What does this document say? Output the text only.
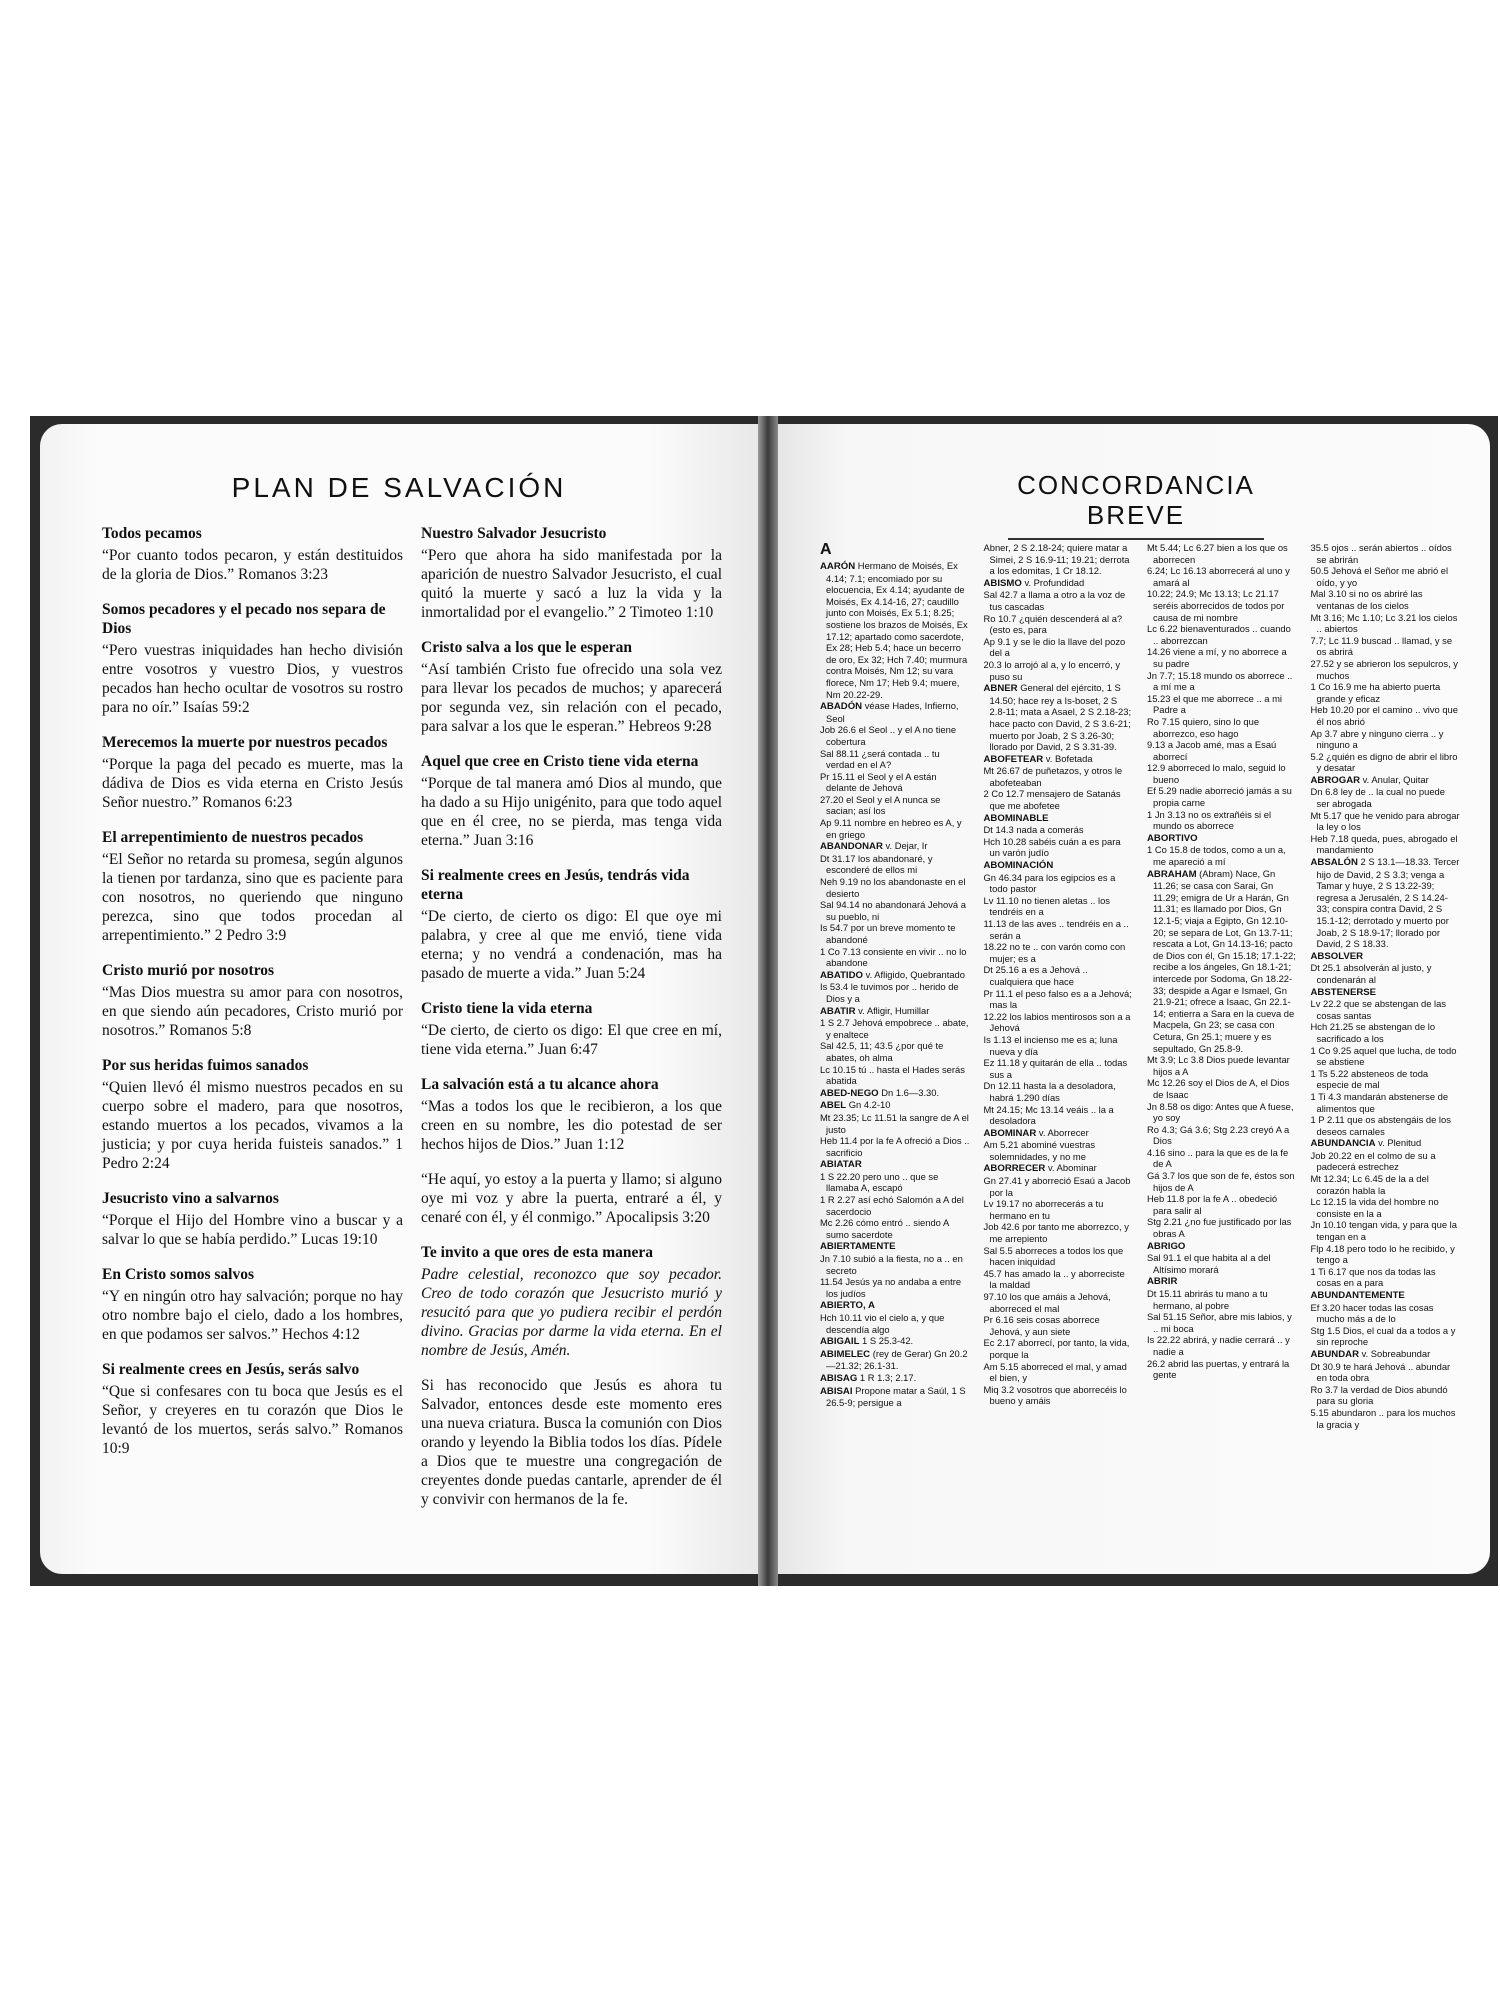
PLAN DE SALVACIÓN
Todos pecamos

“Por cuanto todos pecaron, y están destituidos de la gloria de Dios.” Romanos 3:23

Somos pecadores y el pecado nos separa de Dios

“Pero vuestras iniquidades han hecho división entre vosotros y vuestro Dios, y vuestros pecados han hecho ocultar de vosotros su rostro para no oír.” Isaías 59:2

Merecemos la muerte por nuestros pecados

“Porque la paga del pecado es muerte, mas la dádiva de Dios es vida eterna en Cristo Jesús Señor nuestro.” Romanos 6:23

El arrepentimiento de nuestros pecados

“El Señor no retarda su promesa, según algunos la tienen por tardanza, sino que es paciente para con nosotros, no queriendo que ninguno perezca, sino que todos procedan al arrepentimiento.” 2 Pedro 3:9

Cristo murió por nosotros

“Mas Dios muestra su amor para con nosotros, en que siendo aún pecadores, Cristo murió por nosotros.” Romanos 5:8

Por sus heridas fuimos sanados

“Quien llevó él mismo nuestros pecados en su cuerpo sobre el madero, para que nosotros, estando muertos a los pecados, vivamos a la justicia; y por cuya herida fuisteis sanados.” 1 Pedro 2:24

Jesucristo vino a salvarnos

“Porque el Hijo del Hombre vino a buscar y a salvar lo que se había perdido.” Lucas 19:10

En Cristo somos salvos

“Y en ningún otro hay salvación; porque no hay otro nombre bajo el cielo, dado a los hombres, en que podamos ser salvos.” Hechos 4:12

Si realmente crees en Jesús, serás salvo

“Que si confesares con tu boca que Jesús es el Señor, y creyeres en tu corazón que Dios le levantó de los muertos, serás salvo.” Romanos 10:9

Nuestro Salvador Jesucristo

“Pero que ahora ha sido manifestada por la aparición de nuestro Salvador Jesucristo, el cual quitó la muerte y sacó a luz la vida y la inmortalidad por el evangelio.” 2 Timoteo 1:10

Cristo salva a los que le esperan

“Así también Cristo fue ofrecido una sola vez para llevar los pecados de muchos; y aparecerá por segunda vez, sin relación con el pecado, para salvar a los que le esperan.” Hebreos 9:28

Aquel que cree en Cristo tiene vida eterna

“Porque de tal manera amó Dios al mundo, que ha dado a su Hijo unigénito, para que todo aquel que en él cree, no se pierda, mas tenga vida eterna.” Juan 3:16

Si realmente crees en Jesús, tendrás vida eterna

“De cierto, de cierto os digo: El que oye mi palabra, y cree al que me envió, tiene vida eterna; y no vendrá a condenación, mas ha pasado de muerte a vida.” Juan 5:24

Cristo tiene la vida eterna

“De cierto, de cierto os digo: El que cree en mí, tiene vida eterna.” Juan 6:47

La salvación está a tu alcance ahora

“Mas a todos los que le recibieron, a los que creen en su nombre, les dio potestad de ser hechos hijos de Dios.” Juan 1:12

“He aquí, yo estoy a la puerta y llamo; si alguno oye mi voz y abre la puerta, entraré a él, y cenaré con él, y él conmigo.” Apocalipsis 3:20

Te invito a que ores de esta manera

Padre celestial, reconozco que soy pecador. Creo de todo corazón que Jesucristo murió y resucitó para que yo pudiera recibir el perdón divino. Gracias por darme la vida eterna. En el nombre de Jesús, Amén.

Si has reconocido que Jesús es ahora tu Salvador, entonces desde este momento eres una nueva criatura. Busca la comunión con Dios orando y leyendo la Biblia todos los días. Pídele a Dios que te muestre una congregación de creyentes donde puedas cantarle, aprender de él y convivir con hermanos de la fe.

CONCORDANCIA
BREVE
A

AARÓN Hermano de Moisés, Ex 4.14; 7.1; encomiado por su elocuencia, Ex 4.14; ayudante de Moisés, Ex 4.14-16, 27; caudillo junto con Moisés, Ex 5.1; 8.25; sostiene los brazos de Moisés, Ex 17.12; apartado como sacerdote, Ex 28; Heb 5.4; hace un becerro de oro, Ex 32; Hch 7.40; murmura contra Moisés, Nm 12; su vara florece, Nm 17; Heb 9.4; muere, Nm 20.22-29.

ABADÓN véase Hades, Infierno, Seol

Job 26.6 el Seol .. y el A no tiene cobertura

Sal 88.11 ¿será contada .. tu verdad en el A?

Pr 15.11 el Seol y el A están delante de Jehová

27.20 el Seol y el A nunca se sacian; así los

Ap 9.11 nombre en hebreo es A, y en griego

ABANDONAR v. Dejar, Ir

Dt 31.17 los abandonaré, y esconderé de ellos mi

Neh 9.19 no los abandonaste en el desierto

Sal 94.14 no abandonará Jehová a su pueblo, ni

Is 54.7 por un breve momento te abandoné

1 Co 7.13 consiente en vivir .. no lo abandone

ABATIDO v. Afligido, Quebrantado

Is 53.4 le tuvimos por .. herido de Dios y a

ABATIR v. Afligir, Humillar

1 S 2.7 Jehová empobrece .. abate, y enaltece

Sal 42.5, 11; 43.5 ¿por qué te abates, oh alma

Lc 10.15 tú .. hasta el Hades serás abatida

ABED-NEGO Dn 1.6—3.30.

ABEL Gn 4.2-10

Mt 23.35; Lc 11.51 la sangre de A el justo

Heb 11.4 por la fe A ofreció a Dios .. sacrificio

ABIATAR

1 S 22.20 pero uno .. que se llamaba A, escapó

1 R 2.27 así echó Salomón a A del sacerdocio

Mc 2.26 cómo entró .. siendo A sumo sacerdote

ABIERTAMENTE

Jn 7.10 subió a la fiesta, no a .. en secreto

11.54 Jesús ya no andaba a entre los judíos

ABIERTO, A

Hch 10.11 vio el cielo a, y que descendía algo

ABIGAIL 1 S 25.3-42.

ABIMELEC (rey de Gerar) Gn 20.2—21.32; 26.1-31.

ABISAG 1 R 1.3; 2.17.

ABISAI Propone matar a Saúl, 1 S 26.5-9; persigue a

Abner, 2 S 2.18-24; quiere matar a Simei, 2 S 16.9-11; 19.21; derrota a los edomitas, 1 Cr 18.12.

ABISMO v. Profundidad

Sal 42.7 a llama a otro a la voz de tus cascadas

Ro 10.7 ¿quién descenderá al a? (esto es, para

Ap 9.1 y se le dio la llave del pozo del a

20.3 lo arrojó al a, y lo encerró, y puso su

ABNER General del ejército, 1 S 14.50; hace rey a Is-boset, 2 S 2.8-11; mata a Asael, 2 S 2.18-23; hace pacto con David, 2 S 3.6-21; muerto por Joab, 2 S 3.26-30; llorado por David, 2 S 3.31-39.

ABOFETEAR v. Bofetada

Mt 26.67 de puñetazos, y otros le abofeteaban

2 Co 12.7 mensajero de Satanás que me abofetee

ABOMINABLE

Dt 14.3 nada a comerás

Hch 10.28 sabéis cuán a es para un varón judío

ABOMINACIÓN

Gn 46.34 para los egipcios es a todo pastor

Lv 11.10 no tienen aletas .. los tendréis en a

11.13 de las aves .. tendréis en a .. serán a

18.22 no te .. con varón como con mujer; es a

Dt 25.16 a es a Jehová .. cualquiera que hace

Pr 11.1 el peso falso es a a Jehová; mas la

12.22 los labios mentirosos son a a Jehová

Is 1.13 el incienso me es a; luna nueva y día

Ez 11.18 y quitarán de ella .. todas sus a

Dn 12.11 hasta la a desoladora, habrá 1.290 días

Mt 24.15; Mc 13.14 veáis .. la a desoladora

ABOMINAR v. Aborrecer

Am 5.21 abominé vuestras solemnidades, y no me

ABORRECER v. Abominar

Gn 27.41 y aborreció Esaú a Jacob por la

Lv 19.17 no aborrecerás a tu hermano en tu

Job 42.6 por tanto me aborrezco, y me arrepiento

Sal 5.5 aborreces a todos los que hacen iniquidad

45.7 has amado la .. y aborreciste la maldad

97.10 los que amáis a Jehová, aborreced el mal

Pr 6.16 seis cosas aborrece Jehová, y aun siete

Ec 2.17 aborrecí, por tanto, la vida, porque la

Am 5.15 aborreced el mal, y amad el bien, y

Miq 3.2 vosotros que aborrecéis lo bueno y amáis

Mt 5.44; Lc 6.27 bien a los que os aborrecen

6.24; Lc 16.13 aborrecerá al uno y amará al

10.22; 24.9; Mc 13.13; Lc 21.17 seréis aborrecidos de todos por causa de mi nombre

Lc 6.22 bienaventurados .. cuando .. aborrezcan

14.26 viene a mí, y no aborrece a su padre

Jn 7.7; 15.18 mundo os aborrece .. a mí me a

15.23 el que me aborrece .. a mi Padre a

Ro 7.15 quiero, sino lo que aborrezco, eso hago

9.13 a Jacob amé, mas a Esaú aborrecí

12.9 aborreced lo malo, seguid lo bueno

Ef 5.29 nadie aborreció jamás a su propia carne

1 Jn 3.13 no os extrañéis si el mundo os aborrece

ABORTIVO

1 Co 15.8 de todos, como a un a, me apareció a mí

ABRAHAM (Abram) Nace, Gn 11.26; se casa con Sarai, Gn 11.29; emigra de Ur a Harán, Gn 11.31; es llamado por Dios, Gn 12.1-5; viaja a Egipto, Gn 12.10-20; se separa de Lot, Gn 13.7-11; rescata a Lot, Gn 14.13-16; pacto de Dios con él, Gn 15.18; 17.1-22; recibe a los ángeles, Gn 18.1-21; intercede por Sodoma, Gn 18.22-33; despide a Agar e Ismael, Gn 21.9-21; ofrece a Isaac, Gn 22.1-14; entierra a Sara en la cueva de Macpela, Gn 23; se casa con Cetura, Gn 25.1; muere y es sepultado, Gn 25.8-9.

Mt 3.9; Lc 3.8 Dios puede levantar hijos a A

Mc 12.26 soy el Dios de A, el Dios de Isaac

Jn 8.58 os digo: Antes que A fuese, yo soy

Ro 4.3; Gá 3.6; Stg 2.23 creyó A a Dios

4.16 sino .. para la que es de la fe de A

Gá 3.7 los que son de fe, éstos son hijos de A

Heb 11.8 por la fe A .. obedeció para salir al

Stg 2.21 ¿no fue justificado por las obras A

ABRIGO

Sal 91.1 el que habita al a del Altísimo morará

ABRIR

Dt 15.11 abrirás tu mano a tu hermano, al pobre

Sal 51.15 Señor, abre mis labios, y .. mi boca

Is 22.22 abrirá, y nadie cerrará .. y nadie a

26.2 abrid las puertas, y entrará la gente

35.5 ojos .. serán abiertos .. oídos se abrirán

50.5 Jehová el Señor me abrió el oído, y yo

Mal 3.10 si no os abriré las ventanas de los cielos

Mt 3.16; Mc 1.10; Lc 3.21 los cielos .. abiertos

7.7; Lc 11.9 buscad .. llamad, y se os abrirá

27.52 y se abrieron los sepulcros, y muchos

1 Co 16.9 me ha abierto puerta grande y eficaz

Heb 10.20 por el camino .. vivo que él nos abrió

Ap 3.7 abre y ninguno cierra .. y ninguno a

5.2 ¿quién es digno de abrir el libro y desatar

ABROGAR v. Anular, Quitar

Dn 6.8 ley de .. la cual no puede ser abrogada

Mt 5.17 que he venido para abrogar la ley o los

Heb 7.18 queda, pues, abrogado el mandamiento

ABSALÓN 2 S 13.1—18.33. Tercer hijo de David, 2 S 3.3; venga a Tamar y huye, 2 S 13.22-39; regresa a Jerusalén, 2 S 14.24-33; conspira contra David, 2 S 15.1-12; derrotado y muerto por Joab, 2 S 18.9-17; llorado por David, 2 S 18.33.

ABSOLVER

Dt 25.1 absolverán al justo, y condenarán al

ABSTENERSE

Lv 22.2 que se abstengan de las cosas santas

Hch 21.25 se abstengan de lo sacrificado a los

1 Co 9.25 aquel que lucha, de todo se abstiene

1 Ts 5.22 absteneos de toda especie de mal

1 Ti 4.3 mandarán abstenerse de alimentos que

1 P 2.11 que os abstengáis de los deseos carnales

ABUNDANCIA v. Plenitud

Job 20.22 en el colmo de su a padecerá estrechez

Mt 12.34; Lc 6.45 de la a del corazón habla la

Lc 12.15 la vida del hombre no consiste en la a

Jn 10.10 tengan vida, y para que la tengan en a

Flp 4.18 pero todo lo he recibido, y tengo a

1 Ti 6.17 que nos da todas las cosas en a para

ABUNDANTEMENTE

Ef 3.20 hacer todas las cosas mucho más a de lo

Stg 1.5 Dios, el cual da a todos a y sin reproche

ABUNDAR v. Sobreabundar

Dt 30.9 te hará Jehová .. abundar en toda obra

Ro 3.7 la verdad de Dios abundó para su gloria

5.15 abundaron .. para los muchos la gracia y
